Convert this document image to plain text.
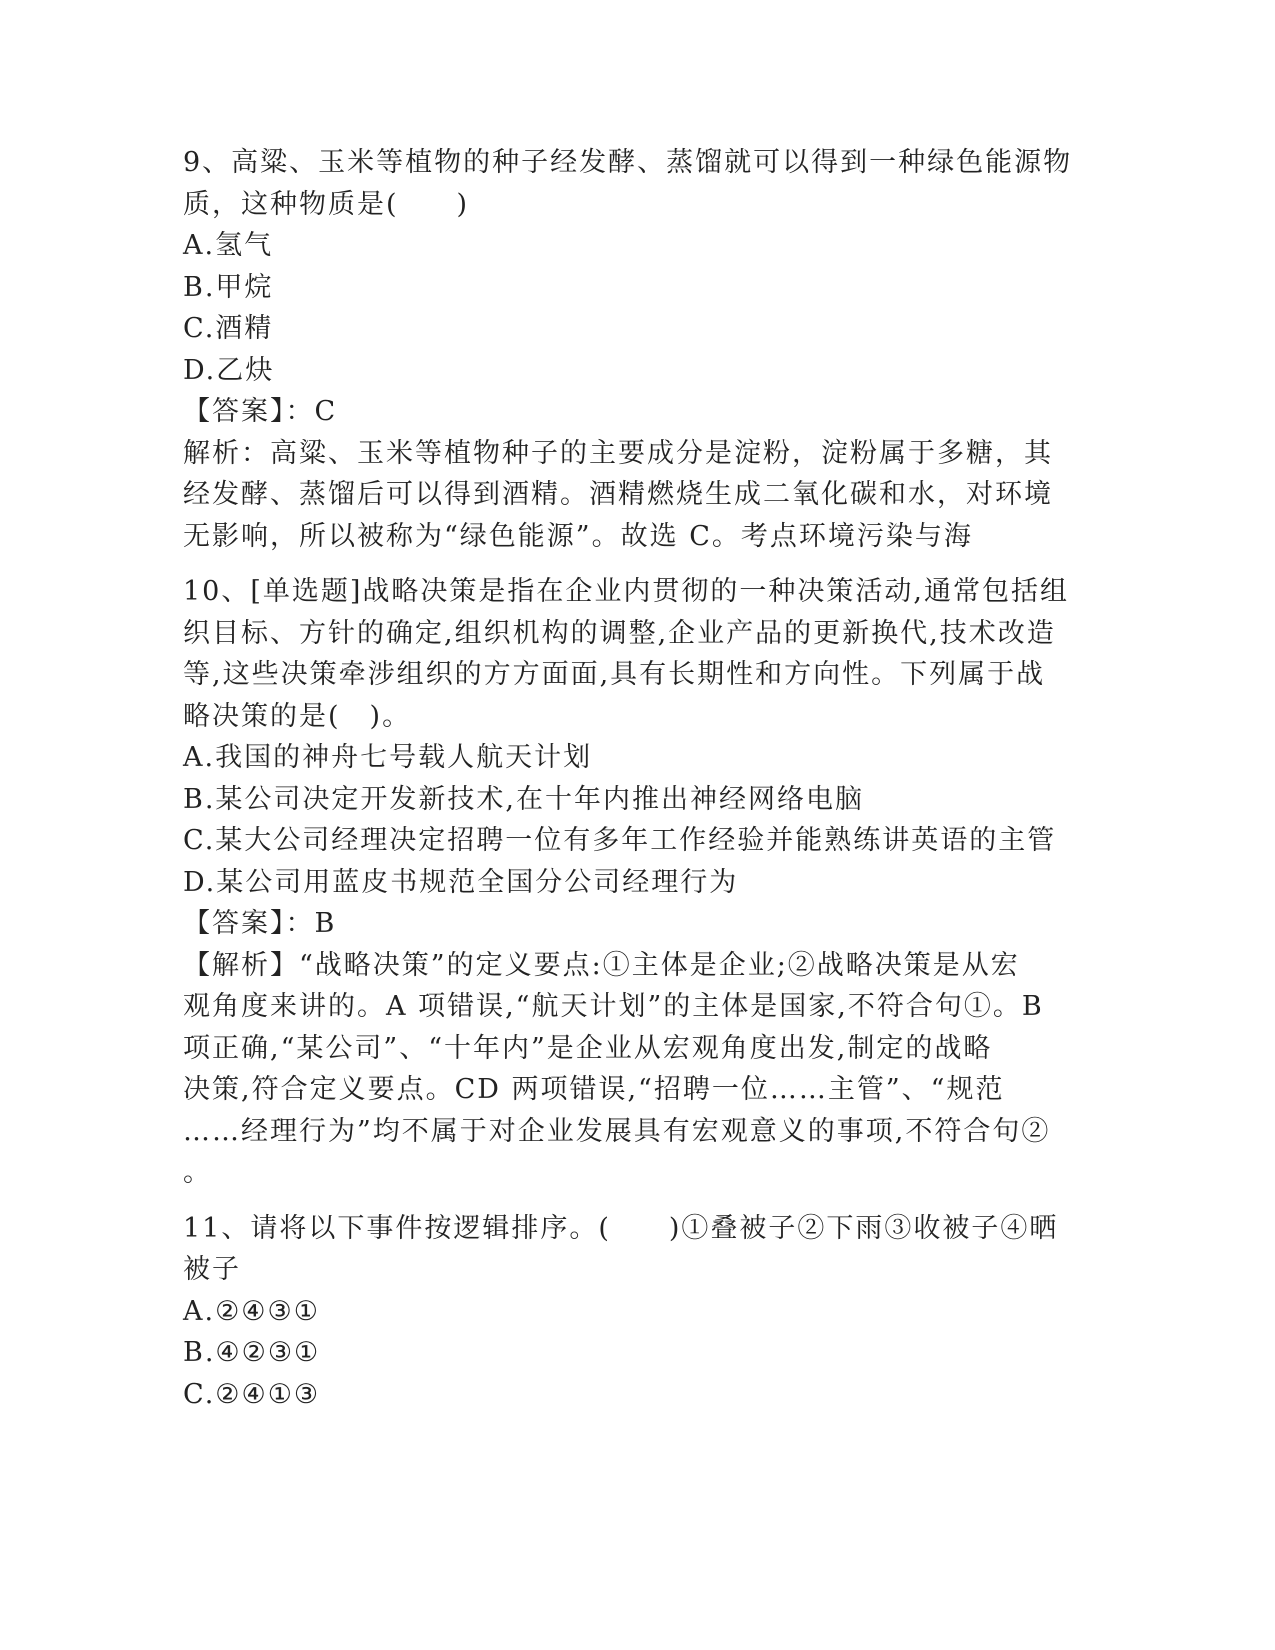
9、高粱、玉米等植物的种子经发酵、蒸馏就可以得到一种绿色能源物
质，这种物质是(　　)
A.氢气
B.甲烷
C.酒精
D.乙炔
【答案】：C
解析：高粱、玉米等植物种子的主要成分是淀粉，淀粉属于多糖，其
经发酵、蒸馏后可以得到酒精。酒精燃烧生成二氧化碳和水，对环境
无影响，所以被称为“绿色能源”。故选 C。考点环境污染与海
10、[单选题]战略决策是指在企业内贯彻的一种决策活动,通常包括组
织目标、方针的确定,组织机构的调整,企业产品的更新换代,技术改造
等,这些决策牵涉组织的方方面面,具有长期性和方向性。下列属于战
略决策的是(　)。
A.我国的神舟七号载人航天计划
B.某公司决定开发新技术,在十年内推出神经网络电脑
C.某大公司经理决定招聘一位有多年工作经验并能熟练讲英语的主管
D.某公司用蓝皮书规范全国分公司经理行为
【答案】：B
【解析】“战略决策”的定义要点:①主体是企业;②战略决策是从宏
观角度来讲的。A 项错误,“航天计划”的主体是国家,不符合句①。B
项正确,“某公司”、“十年内”是企业从宏观角度出发,制定的战略
决策,符合定义要点。CD 两项错误,“招聘一位……主管”、“规范
……经理行为”均不属于对企业发展具有宏观意义的事项,不符合句②
。
11、请将以下事件按逻辑排序。(　　)①叠被子②下雨③收被子④晒
被子
A.②④③①
B.④②③①
C.②④①③
